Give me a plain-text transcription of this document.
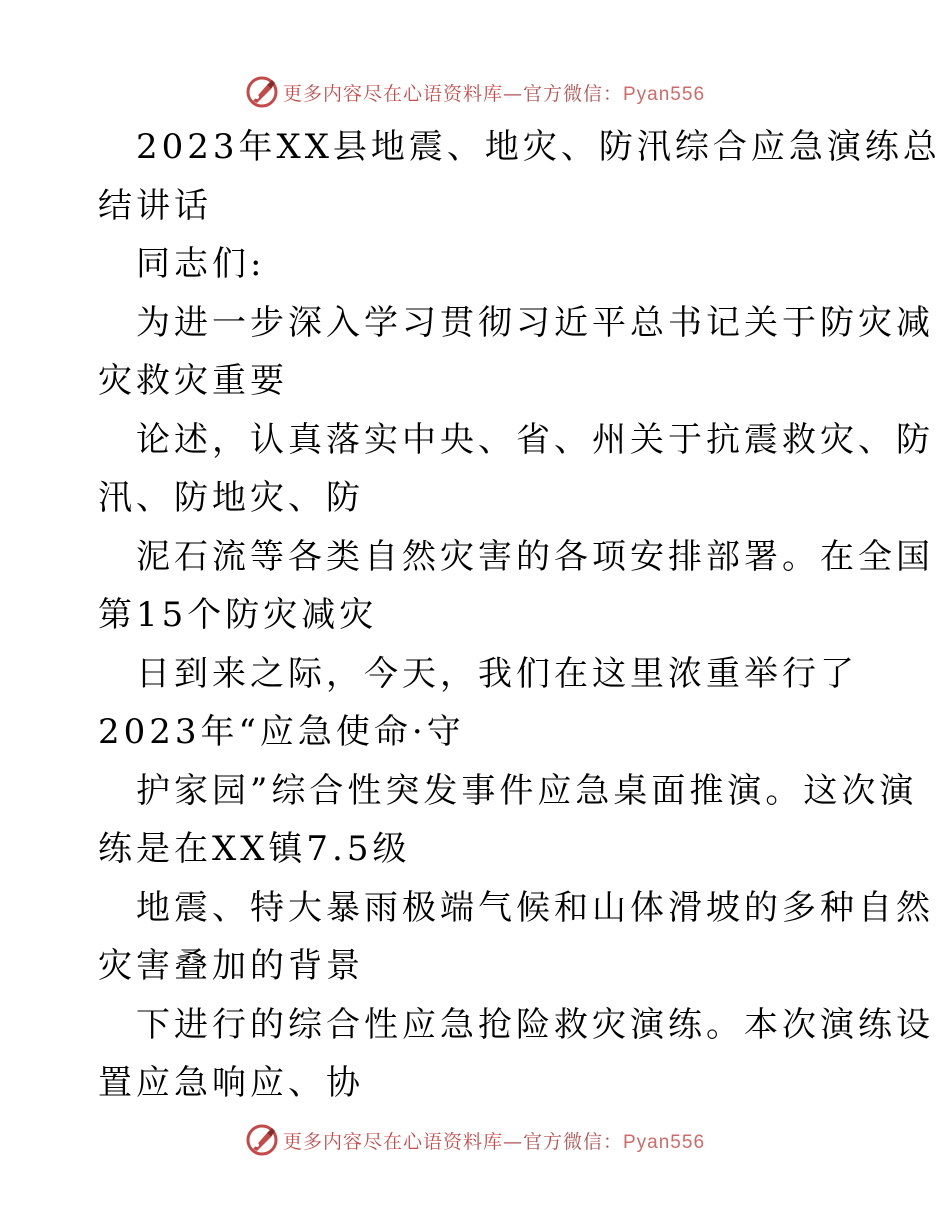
更多内容尽在心语资料库—官方微信：Pyan556
2023年XX县地震、地灾、防汛综合应急演练总
结讲话
同志们:
为进一步深入学习贯彻习近平总书记关于防灾减
灾救灾重要
论述，认真落实中央、省、州关于抗震救灾、防
汛、防地灾、防
泥石流等各类自然灾害的各项安排部署。在全国
第15个防灾减灾
日到来之际，今天，我们在这里浓重举行了
2023年“应急使命·守
护家园”综合性突发事件应急桌面推演。这次演
练是在XX镇7.5级
地震、特大暴雨极端气候和山体滑坡的多种自然
灾害叠加的背景
下进行的综合性应急抢险救灾演练。本次演练设
置应急响应、协
更多内容尽在心语资料库—官方微信：Pyan556
